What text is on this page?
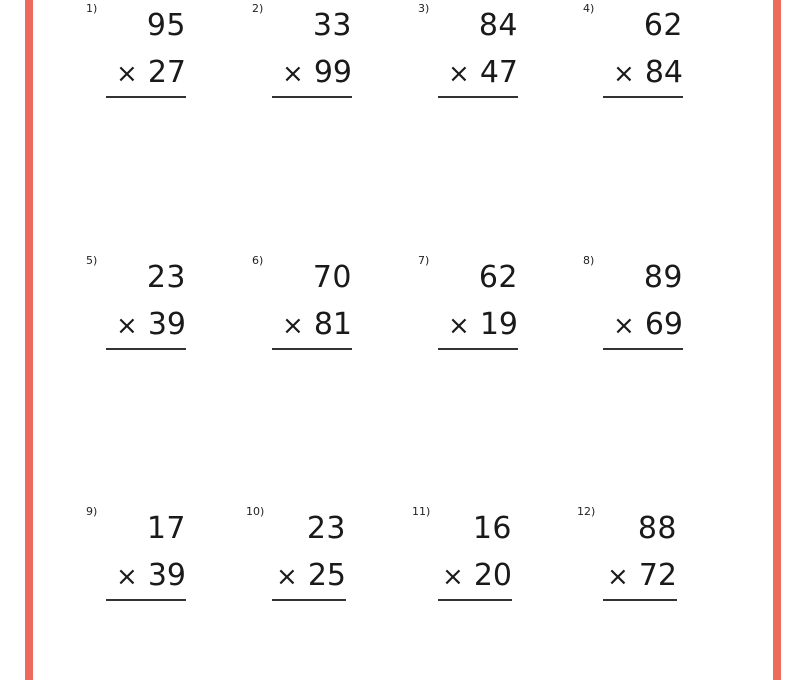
1) 95
× 27
2) 33
× 99
3) 84
× 47
4) 62
× 84
5) 23
× 39
6) 70
× 81
7) 62
× 19
8) 89
× 69
9) 17
× 39
10) 23
× 25
11) 16
× 20
12) 88
× 72
